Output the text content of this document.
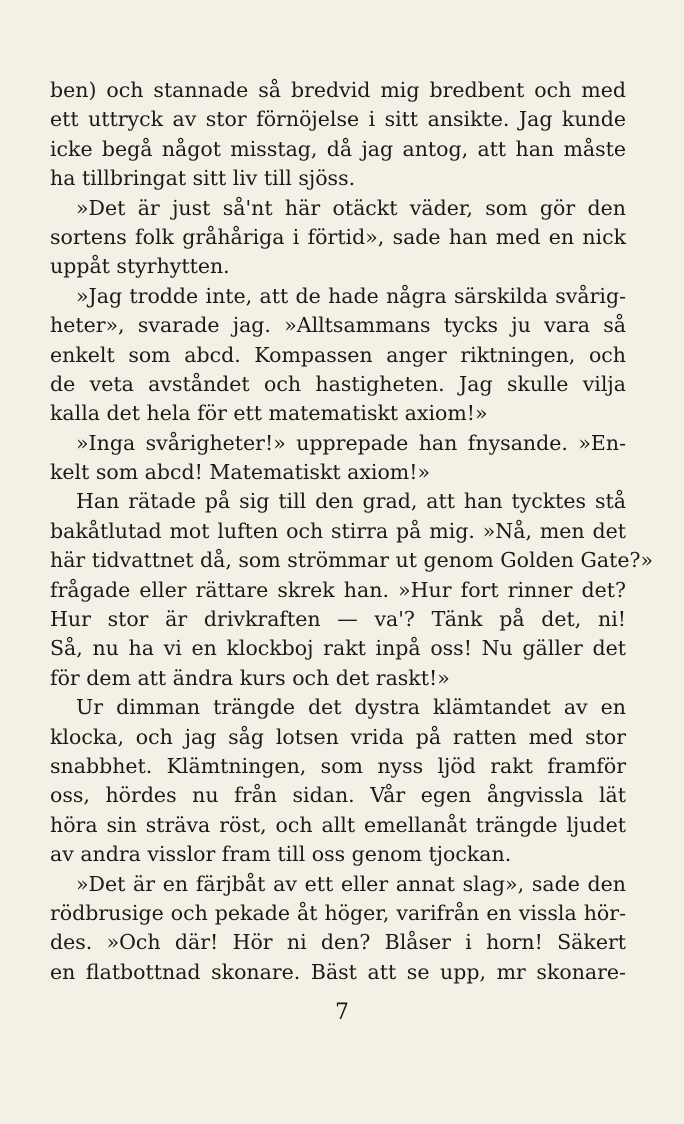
ben) och stannade så bredvid mig bredbent och med
ett uttryck av stor förnöjelse i sitt ansikte. Jag kunde
icke begå något misstag, då jag antog, att han måste
ha tillbringat sitt liv till sjöss.
»Det är just så'nt här otäckt väder, som gör den
sortens folk gråhåriga i förtid», sade han med en nick
uppåt styrhytten.
»Jag trodde inte, att de hade några särskilda svårig-
heter», svarade jag. »Alltsammans tycks ju vara så
enkelt som abcd. Kompassen anger riktningen, och
de veta avståndet och hastigheten. Jag skulle vilja
kalla det hela för ett matematiskt axiom!»
»Inga svårigheter!» upprepade han fnysande. »En-
kelt som abcd! Matematiskt axiom!»
Han rätade på sig till den grad, att han tycktes stå
bakåtlutad mot luften och stirra på mig. »Nå, men det
här tidvattnet då, som strömmar ut genom Golden Gate?»
frågade eller rättare skrek han. »Hur fort rinner det?
Hur stor är drivkraften — va'? Tänk på det, ni!
Så, nu ha vi en klockboj rakt inpå oss! Nu gäller det
för dem att ändra kurs och det raskt!»
Ur dimman trängde det dystra klämtandet av en
klocka, och jag såg lotsen vrida på ratten med stor
snabbhet. Klämtningen, som nyss ljöd rakt framför
oss, hördes nu från sidan. Vår egen ångvissla lät
höra sin sträva röst, och allt emellanåt trängde ljudet
av andra visslor fram till oss genom tjockan.
»Det är en färjbåt av ett eller annat slag», sade den
rödbrusige och pekade åt höger, varifrån en vissla hör-
des. »Och där! Hör ni den? Blåser i horn! Säkert
en flatbottnad skonare. Bäst att se upp, mr skonare-
7
